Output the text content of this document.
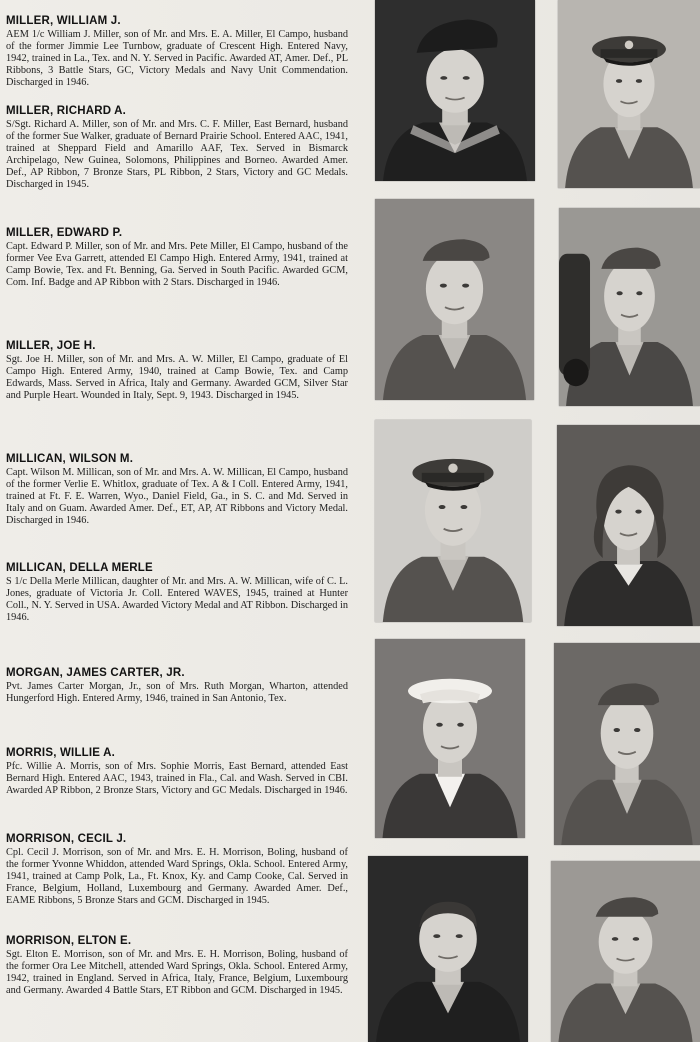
MILLER, WILLIAM J.

AEM 1/c William J. Miller, son of Mr. and Mrs. E. A. Miller, El Campo, husband of the former Jimmie Lee Turnbow, graduate of Crescent High. Entered Navy, 1942, trained in La., Tex. and N. Y. Served in Pacific. Awarded AT, Amer. Def., PL Ribbons, 3 Battle Stars, GC, Victory Medals and Navy Unit Commendation. Discharged in 1946.

MILLER, RICHARD A.

S/Sgt. Richard A. Miller, son of Mr. and Mrs. C. F. Miller, East Bernard, husband of the former Sue Walker, graduate of Bernard Prairie School. Entered AAC, 1941, trained at Sheppard Field and Amarillo AAF, Tex. Served in Bismarck Archipelago, New Guinea, Solomons, Philippines and Borneo. Awarded Amer. Def., AP Ribbon, 7 Bronze Stars, PL Ribbon, 2 Stars, Victory and GC Medals. Discharged in 1945.

MILLER, EDWARD P.

Capt. Edward P. Miller, son of Mr. and Mrs. Pete Miller, El Campo, husband of the former Vee Eva Garrett, attended El Campo High. Entered Army, 1941, trained at Camp Bowie, Tex. and Ft. Benning, Ga. Served in South Pacific. Awarded GCM, Com. Inf. Badge and AP Ribbon with 2 Stars. Discharged in 1946.

MILLER, JOE H.

Sgt. Joe H. Miller, son of Mr. and Mrs. A. W. Miller, El Campo, graduate of El Campo High. Entered Army, 1940, trained at Camp Bowie, Tex. and Camp Edwards, Mass. Served in Africa, Italy and Germany. Awarded GCM, Silver Star and Purple Heart. Wounded in Italy, Sept. 9, 1943. Discharged in 1945.

MILLICAN, WILSON M.

Capt. Wilson M. Millican, son of Mr. and Mrs. A. W. Millican, El Campo, husband of the former Verlie E. Whitlox, graduate of Tex. A & I Coll. Entered Army, 1941, trained at Ft. F. E. Warren, Wyo., Daniel Field, Ga., in S. C. and Md. Served in Italy and on Guam. Awarded Amer. Def., ET, AP, AT Ribbons and Victory Medal. Discharged in 1946.

MILLICAN, DELLA MERLE

S 1/c Della Merle Millican, daughter of Mr. and Mrs. A. W. Millican, wife of C. L. Jones, graduate of Victoria Jr. Coll. Entered WAVES, 1945, trained at Hunter Coll., N. Y. Served in USA. Awarded Victory Medal and AT Ribbon. Discharged in 1946.

MORGAN, JAMES CARTER, JR.

Pvt. James Carter Morgan, Jr., son of Mrs. Ruth Morgan, Wharton, attended Hungerford High. Entered Army, 1946, trained in San Antonio, Tex.

MORRIS, WILLIE A.

Pfc. Willie A. Morris, son of Mrs. Sophie Morris, East Bernard, attended East Bernard High. Entered AAC, 1943, trained in Fla., Cal. and Wash. Served in CBI. Awarded AP Ribbon, 2 Bronze Stars, Victory and GC Medals. Discharged in 1946.

MORRISON, CECIL J.

Cpl. Cecil J. Morrison, son of Mr. and Mrs. E. H. Morrison, Boling, husband of the former Yvonne Whiddon, attended Ward Springs, Okla. School. Entered Army, 1941, trained at Camp Polk, La., Ft. Knox, Ky. and Camp Cooke, Cal. Served in France, Belgium, Holland, Luxembourg and Germany. Awarded Amer. Def., EAME Ribbons, 5 Bronze Stars and GCM. Discharged in 1945.

MORRISON, ELTON E.

Sgt. Elton E. Morrison, son of Mr. and Mrs. E. H. Morrison, Boling, husband of the former Ora Lee Mitchell, attended Ward Springs, Okla. School. Entered Army, 1942, trained in England. Served in Africa, Italy, France, Belgium, Luxembourg and Germany. Awarded 4 Battle Stars, ET Ribbon and GCM. Discharged in 1945.
